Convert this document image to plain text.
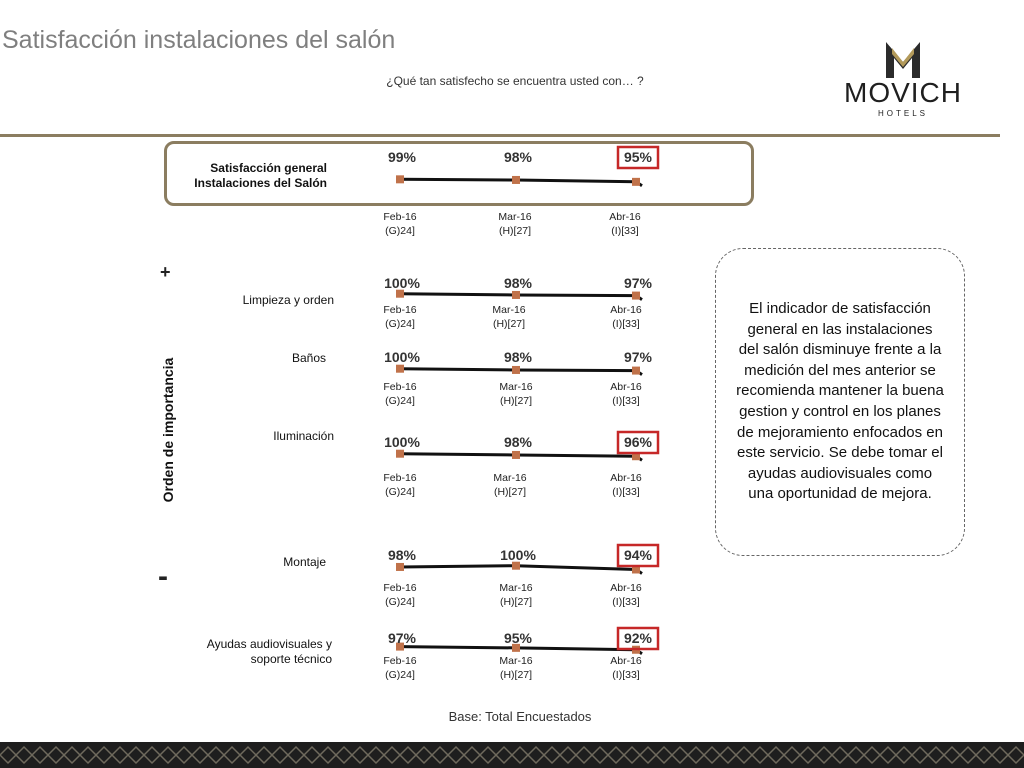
Satisfacción instalaciones del salón
¿Qué tan satisfecho se encuentra usted con… ?	MOVICH
HOTELS
Satisfacción general
Instalaciones del Salón
99%
Feb-16
(G)24]
98%
Mar-16
(H)[27]
95%
Abr-16
(I)[33]
Limpieza y orden
100%
Feb-16
(G)24]
98%
Mar-16
(H)[27]
97%
Abr-16
(I)[33]
Baños	100%
Feb-16
(G)24]
98%
Mar-16
(H)[27]
97%
Abr-16
(I)[33]
Iluminación	100%
Feb-16
(G)24]
98%
Mar-16
(H)[27]
96%
Abr-16
(I)[33]
Montaje	98%
Feb-16
(G)24]
100%
Mar-16
(H)[27]
94%
Abr-16
(I)[33]
Ayudas audiovisuales y
soporte técnico
97%
Feb-16
(G)24]
95%
Mar-16
(H)[27]
92%
Abr-16
(I)[33]
Orden de importancia
+
-
El indicador de satisfacción general en las instalaciones del salón disminuye frente a la medición del mes anterior se recomienda mantener la buena gestion y control en los planes de mejoramiento enfocados en este servicio. Se debe tomar el ayudas audiovisuales como una oportunidad de mejora.
Base: Total Encuestados
